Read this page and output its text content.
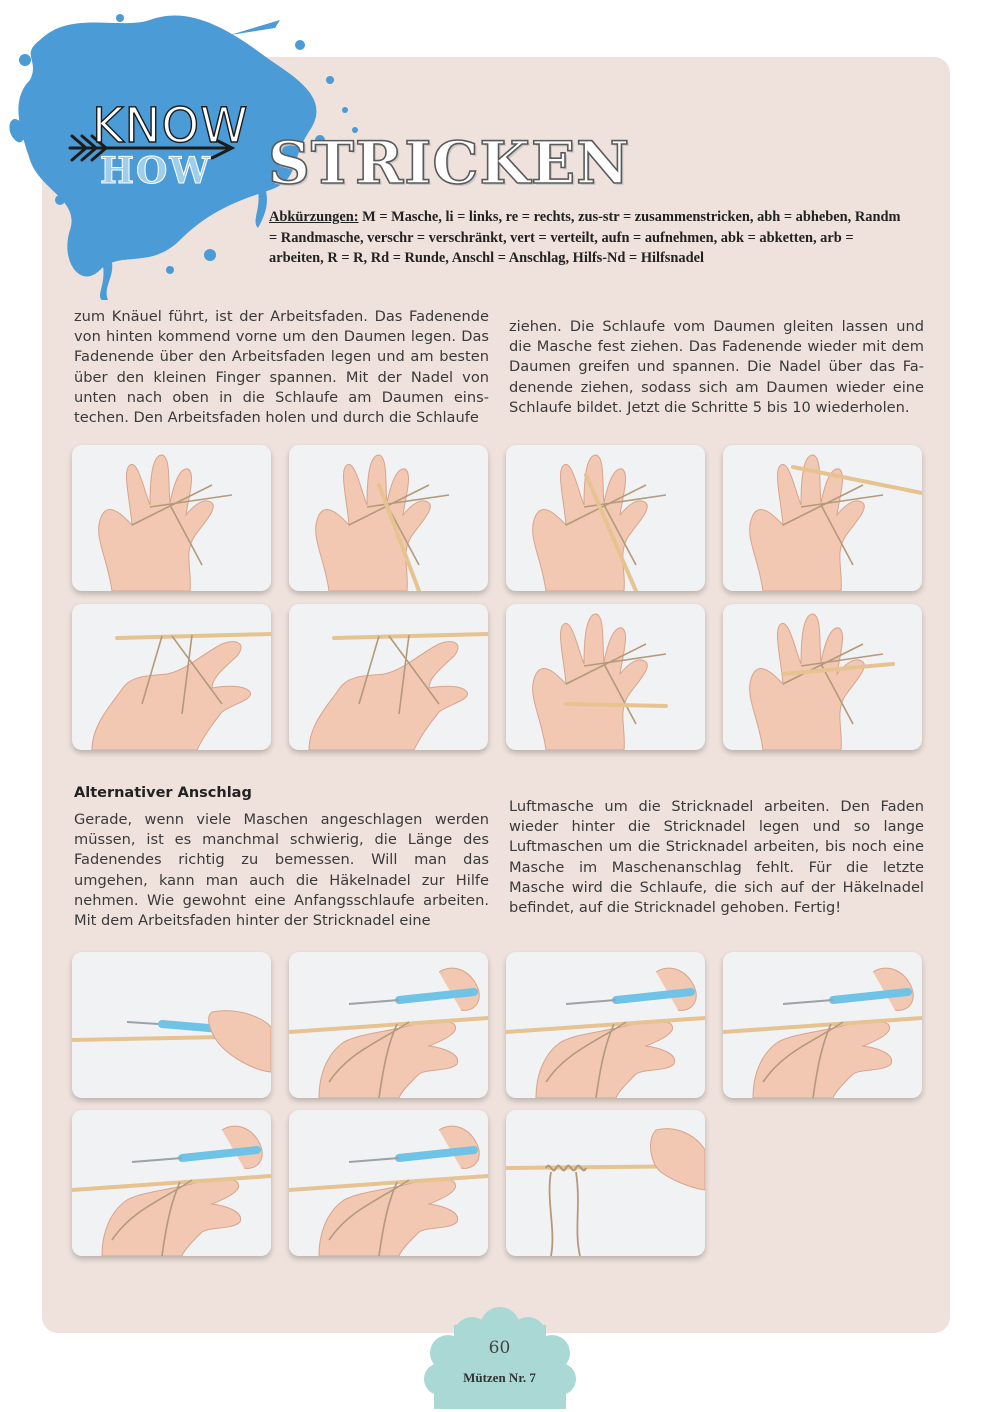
KNOW
HOW STRICKEN
Abkürzungen: M = Masche, li = links, re = rechts, zus-str = zusammenstricken, abh = abheben, Randm = Randmasche, verschr = verschränkt, vert = verteilt, aufn = aufnehmen, abk = abketten, arb = arbeiten, R = R, Rd = Runde, Anschl = Anschlag, Hilfs-Nd = Hilfsnadel

zum Knäuel führt, ist der Arbeitsfaden. Das Fadenende von hinten kommend vorne um den Daumen legen. Das Fadenende über den Arbeitsfaden legen und am besten über den kleinen Finger spannen. Mit der Nadel von unten nach oben in die Schlaufe am Daumen einstechen. Den Arbeitsfaden holen und durch die Schlaufe

ziehen. Die Schlaufe vom Daumen gleiten lassen und die Masche fest ziehen. Das Fadenende wieder mit dem Daumen greifen und spannen. Die Nadel über das Fadenende ziehen, sodass sich am Daumen wieder eine Schlaufe bildet. Jetzt die Schritte 5 bis 10 wiederholen.

Alternativer Anschlag

Gerade, wenn viele Maschen angeschlagen werden müssen, ist es manchmal schwierig, die Länge des Fadenendes richtig zu bemessen. Will man das umgehen, kann man auch die Häkelnadel zur Hilfe nehmen. Wie gewohnt eine Anfangsschlaufe arbeiten. Mit dem Arbeitsfaden hinter der Stricknadel eine

Luftmasche um die Stricknadel arbeiten. Den Faden wieder hinter die Stricknadel legen und so lange Luftmaschen um die Stricknadel arbeiten, bis noch eine Masche im Maschenanschlag fehlt. Für die letzte Masche wird die Schlaufe, die sich auf der Häkelnadel befindet, auf die Stricknadel gehoben. Fertig!

60
Mützen Nr. 7
